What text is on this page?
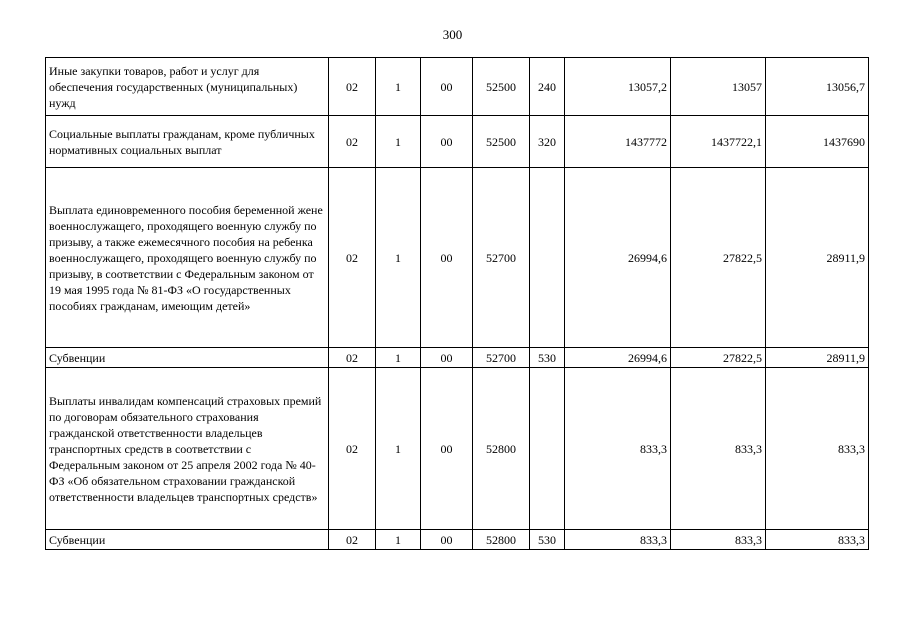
300
Иные закупки товаров, работ и услуг для обеспечения государственных (муниципальных) нужд	02	1	00	52500	240	13057,2	13057	13056,7
Социальные выплаты гражданам, кроме публичных нормативных социальных выплат	02	1	00	52500	320	1437772	1437722,1	1437690
Выплата единовременного пособия беременной жене военнослужащего, проходящего военную службу по призыву, а также ежемесячного пособия на ребенка военнослужащего, проходящего военную службу по призыву, в соответствии с Федеральным законом от 19 мая 1995 года № 81-ФЗ «О государственных пособиях гражданам, имеющим детей»	02	1	00	52700		26994,6	27822,5	28911,9
Субвенции	02	1	00	52700	530	26994,6	27822,5	28911,9
Выплаты инвалидам компенсаций страховых премий по договорам обязательного страхования гражданской ответственности владельцев транспортных средств в соответствии с Федеральным законом от 25 апреля 2002 года № 40-ФЗ «Об обязательном страховании гражданской ответственности владельцев транспортных средств»	02	1	00	52800		833,3	833,3	833,3
Субвенции	02	1	00	52800	530	833,3	833,3	833,3
